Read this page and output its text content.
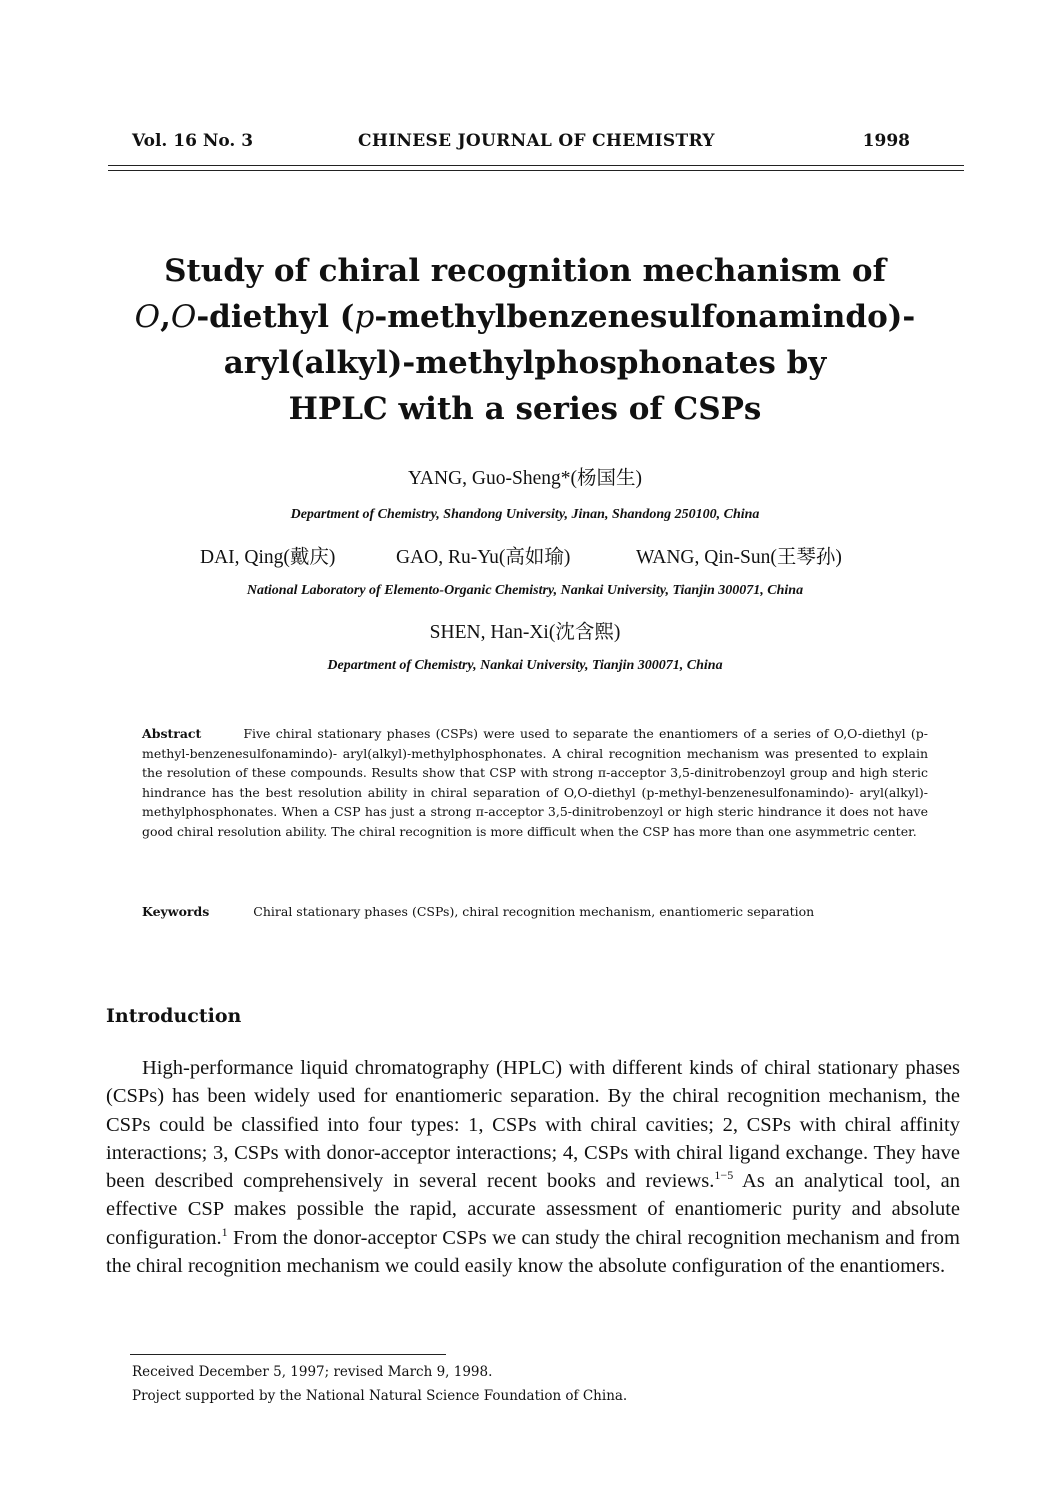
Vol. 16 No. 3	CHINESE JOURNAL OF CHEMISTRY	1998
Study of chiral recognition mechanism of
O,O-diethyl (p-methylbenzenesulfonamindo)-
aryl(alkyl)-methylphosphonates by
HPLC with a series of CSPs
YANG, Guo-Sheng*(杨国生)
Department of Chemistry, Shandong University, Jinan, Shandong 250100, China
DAI, Qing(戴庆)	GAO, Ru-Yu(高如瑜)	WANG, Qin-Sun(王琴孙)
National Laboratory of Elemento-Organic Chemistry, Nankai University, Tianjin 300071, China
SHEN, Han-Xi(沈含熙)
Department of Chemistry, Nankai University, Tianjin 300071, China

Abstract	Five chiral stationary phases (CSPs) were used to separate the enantiomers of a series of O,O-diethyl (p-methyl-benzenesulfonamindo)- aryl(alkyl)-methylphosphonates. A chiral recognition mechanism was presented to explain the resolution of these compounds. Results show that CSP with strong π-acceptor 3,5-dinitrobenzoyl group and high steric hindrance has the best resolution ability in chiral separation of O,O-diethyl (p-methyl-benzenesulfonamindo)- aryl(alkyl)-methylphosphonates. When a CSP has just a strong π-acceptor 3,5-dinitrobenzoyl or high steric hindrance it does not have good chiral resolution ability. The chiral recognition is more difficult when the CSP has more than one asymmetric center.

Keywords	Chiral stationary phases (CSPs), chiral recognition mechanism, enantiomeric separation

Introduction

High-performance liquid chromatography (HPLC) with different kinds of chiral stationary phases (CSPs) has been widely used for enantiomeric separation. By the chiral recognition mechanism, the CSPs could be classified into four types: 1, CSPs with chiral cavities; 2, CSPs with chiral affinity interactions; 3, CSPs with donor-acceptor interactions; 4, CSPs with chiral ligand exchange. They have been described comprehensively in several recent books and reviews.$^{1-5}$ As an analytical tool, an effective CSP makes possible the rapid, accurate assessment of enantiomeric purity and absolute configuration.$^1$ From the donor-acceptor CSPs we can study the chiral recognition mechanism and from the chiral recognition mechanism we could easily know the absolute configuration of the enantiomers.

Received December 5, 1997; revised March 9, 1998.
Project supported by the National Natural Science Foundation of China.
